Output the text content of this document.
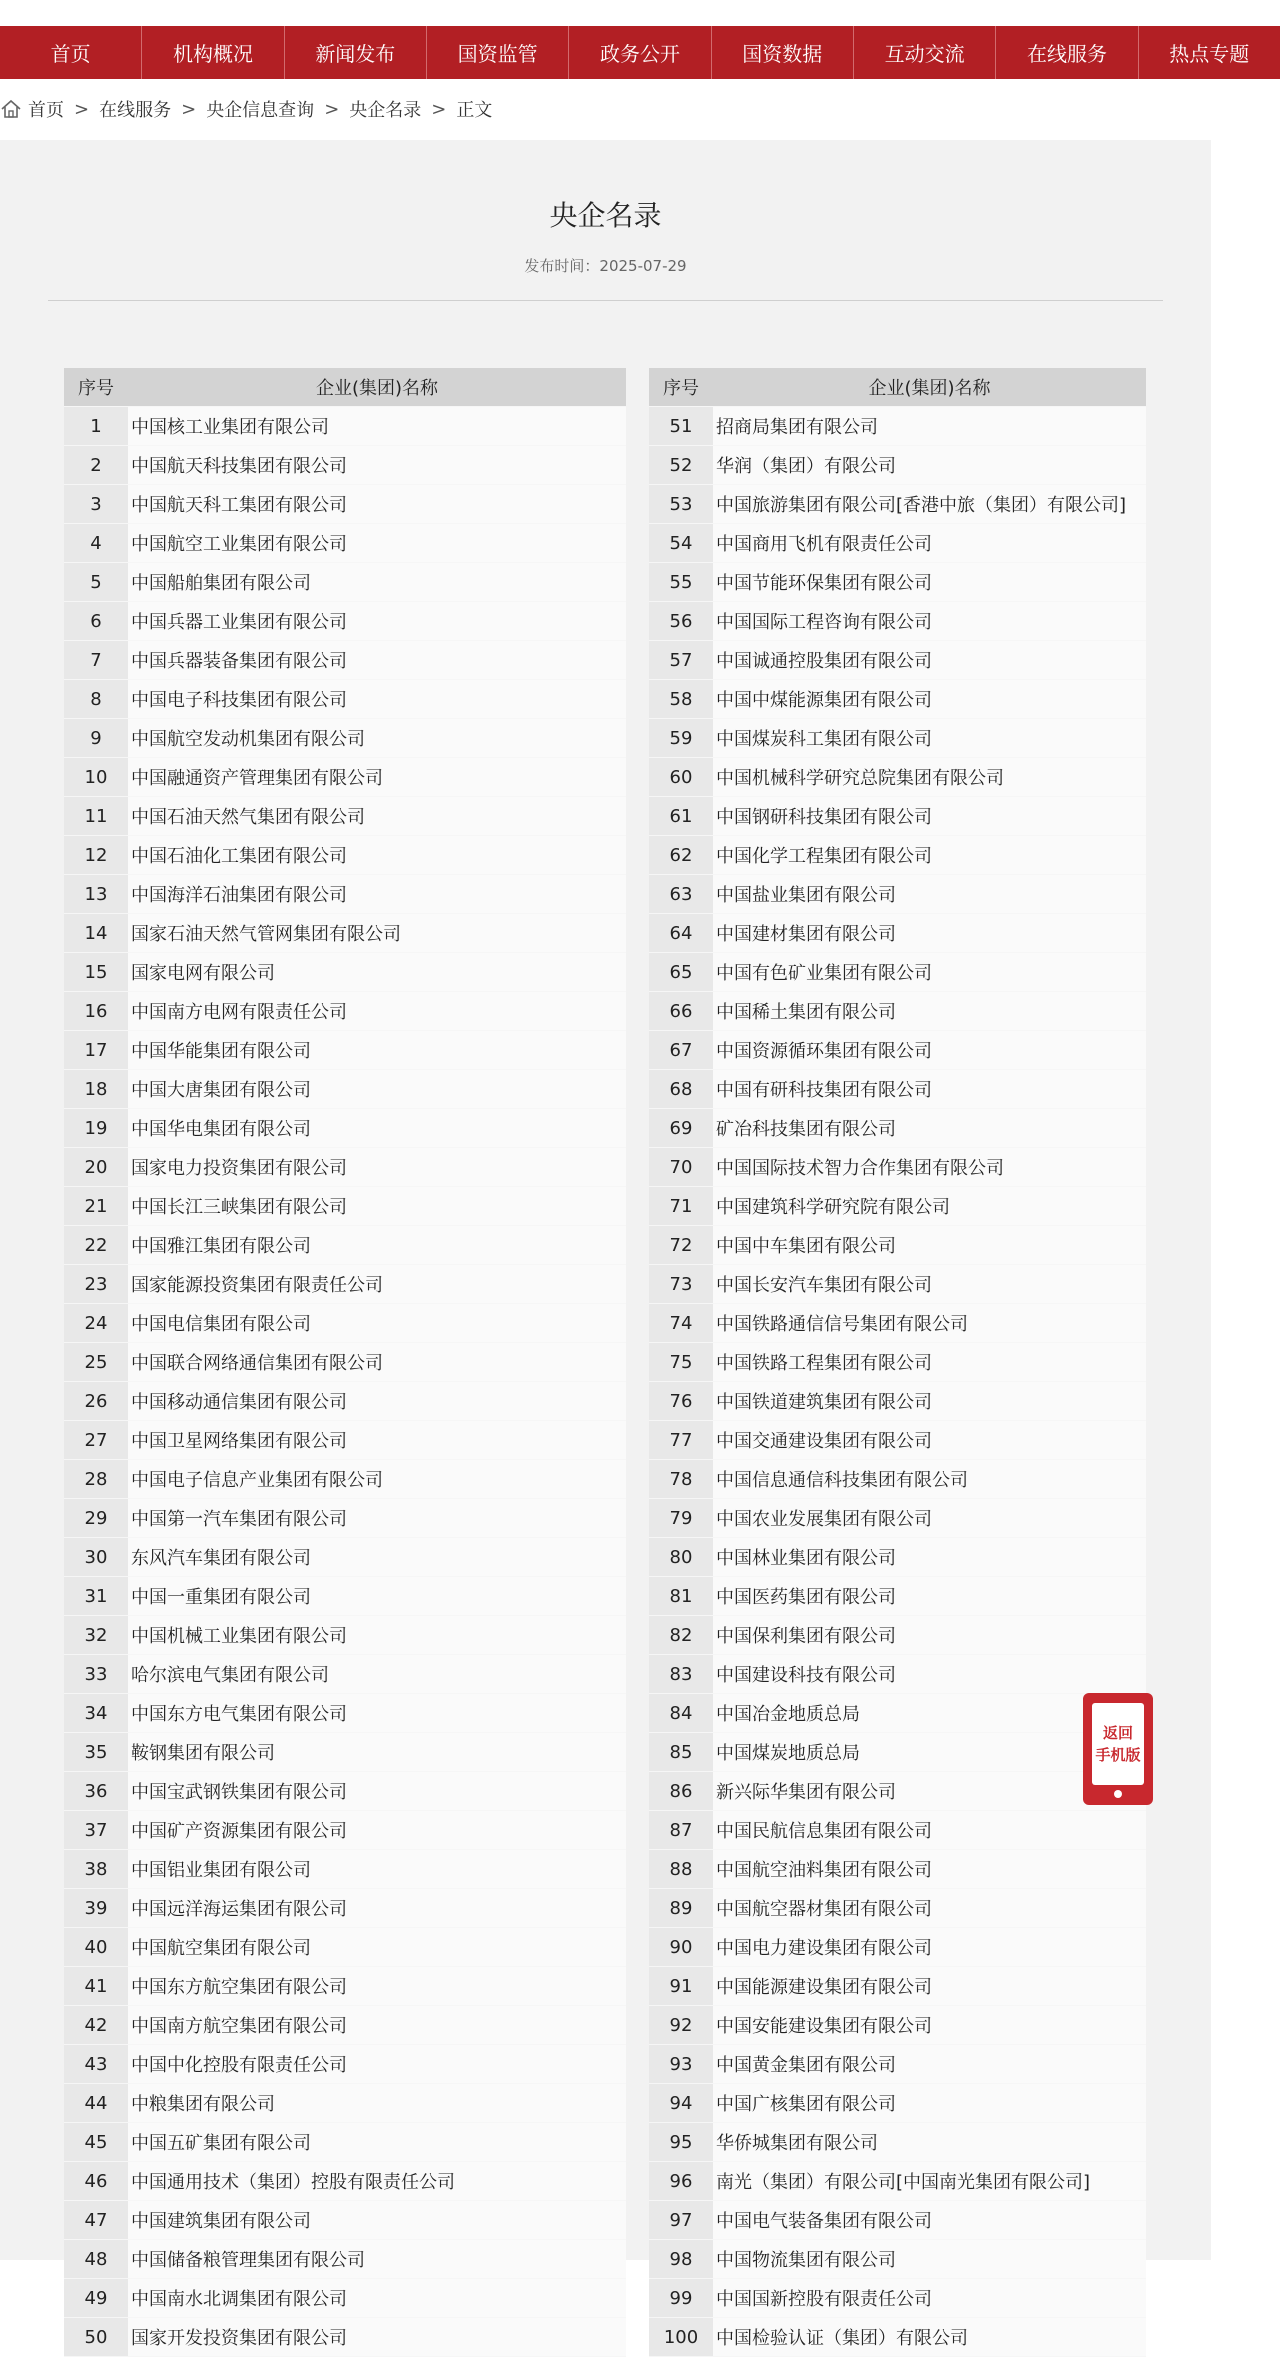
首页	机构概况	新闻发布	国资监管	政务公开	国资数据	互动交流	在线服务	热点专题
首页 > 在线服务 > 央企信息查询 > 央企名录 > 正文
央企名录
发布时间：2025-07-29
序号	企业(集团)名称
1	中国核工业集团有限公司
2	中国航天科技集团有限公司
3	中国航天科工集团有限公司
4	中国航空工业集团有限公司
5	中国船舶集团有限公司
6	中国兵器工业集团有限公司
7	中国兵器装备集团有限公司
8	中国电子科技集团有限公司
9	中国航空发动机集团有限公司
10	中国融通资产管理集团有限公司
11	中国石油天然气集团有限公司
12	中国石油化工集团有限公司
13	中国海洋石油集团有限公司
14	国家石油天然气管网集团有限公司
15	国家电网有限公司
16	中国南方电网有限责任公司
17	中国华能集团有限公司
18	中国大唐集团有限公司
19	中国华电集团有限公司
20	国家电力投资集团有限公司
21	中国长江三峡集团有限公司
22	中国雅江集团有限公司
23	国家能源投资集团有限责任公司
24	中国电信集团有限公司
25	中国联合网络通信集团有限公司
26	中国移动通信集团有限公司
27	中国卫星网络集团有限公司
28	中国电子信息产业集团有限公司
29	中国第一汽车集团有限公司
30	东风汽车集团有限公司
31	中国一重集团有限公司
32	中国机械工业集团有限公司
33	哈尔滨电气集团有限公司
34	中国东方电气集团有限公司
35	鞍钢集团有限公司
36	中国宝武钢铁集团有限公司
37	中国矿产资源集团有限公司
38	中国铝业集团有限公司
39	中国远洋海运集团有限公司
40	中国航空集团有限公司
41	中国东方航空集团有限公司
42	中国南方航空集团有限公司
43	中国中化控股有限责任公司
44	中粮集团有限公司
45	中国五矿集团有限公司
46	中国通用技术（集团）控股有限责任公司
47	中国建筑集团有限公司
48	中国储备粮管理集团有限公司
49	中国南水北调集团有限公司
50	国家开发投资集团有限公司
序号	企业(集团)名称
51	招商局集团有限公司
52	华润（集团）有限公司
53	中国旅游集团有限公司[香港中旅（集团）有限公司]
54	中国商用飞机有限责任公司
55	中国节能环保集团有限公司
56	中国国际工程咨询有限公司
57	中国诚通控股集团有限公司
58	中国中煤能源集团有限公司
59	中国煤炭科工集团有限公司
60	中国机械科学研究总院集团有限公司
61	中国钢研科技集团有限公司
62	中国化学工程集团有限公司
63	中国盐业集团有限公司
64	中国建材集团有限公司
65	中国有色矿业集团有限公司
66	中国稀土集团有限公司
67	中国资源循环集团有限公司
68	中国有研科技集团有限公司
69	矿冶科技集团有限公司
70	中国国际技术智力合作集团有限公司
71	中国建筑科学研究院有限公司
72	中国中车集团有限公司
73	中国长安汽车集团有限公司
74	中国铁路通信信号集团有限公司
75	中国铁路工程集团有限公司
76	中国铁道建筑集团有限公司
77	中国交通建设集团有限公司
78	中国信息通信科技集团有限公司
79	中国农业发展集团有限公司
80	中国林业集团有限公司
81	中国医药集团有限公司
82	中国保利集团有限公司
83	中国建设科技有限公司
84	中国冶金地质总局
85	中国煤炭地质总局
86	新兴际华集团有限公司
87	中国民航信息集团有限公司
88	中国航空油料集团有限公司
89	中国航空器材集团有限公司
90	中国电力建设集团有限公司
91	中国能源建设集团有限公司
92	中国安能建设集团有限公司
93	中国黄金集团有限公司
94	中国广核集团有限公司
95	华侨城集团有限公司
96	南光（集团）有限公司[中国南光集团有限公司]
97	中国电气装备集团有限公司
98	中国物流集团有限公司
99	中国国新控股有限责任公司
100	中国检验认证（集团）有限公司
返回
手机版
